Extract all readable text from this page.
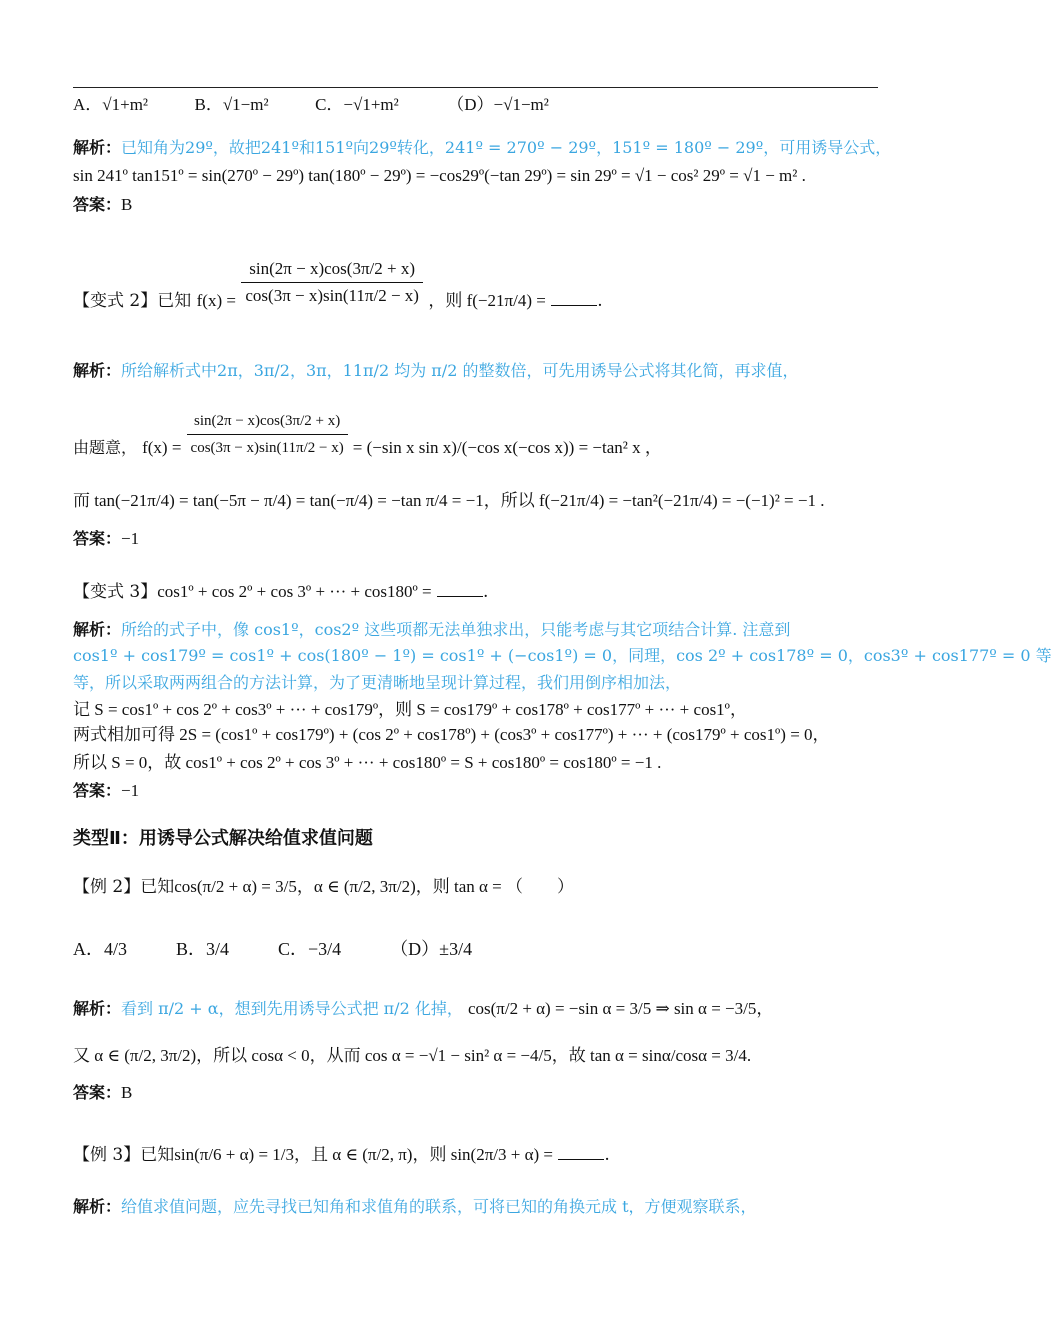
A．√1+m²	B．√1−m²	C．−√1+m²	（D）−√1−m²
解析：已知角为29º，故把241º和151º向29º转化，241º = 270º − 29º，151º = 180º − 29º，可用诱导公式，
sin 241º tan151º = sin(270º − 29º) tan(180º − 29º) = −cos29º(−tan 29º) = sin 29º = √1 − cos² 29º = √1 − m² .
答案：B
【变式 2】已知 $f(x) = \frac{\sin(2\pi - x)\cos(3\pi/2 + x)}{\cos(3\pi - x)\sin(11\pi/2 - x)}$ ，则 f(−21π/4) =	.
解析：所给解析式中2π，3π/2，3π，11π/2 均为 π/2 的整数倍，可先用诱导公式将其化简，再求值，
由题意， $f(x) = \frac{\sin(2\pi - x)\cos(3\pi/2 + x)}{\cos(3\pi - x)\sin(11\pi/2 - x)} = (-\sin$ x sin x)/(−cos x(−cos x)) = −tan² x ，
而 tan(−21π/4) = tan(−5π − π/4) = tan(−π/4) = −tan π/4 = −1，所以 f(−21π/4) = −tan²(−21π/4) = −(−1)² = −1 .
答案：−1
【变式 3】cos1º + cos 2º + cos 3º + ··· + cos180º =	.
解析：所给的式子中，像 cos1º，cos2º 这些项都无法单独求出，只能考虑与其它项结合计算. 注意到
cos1º + cos179º = cos1º + cos(180º − 1º) = cos1º + (−cos1º) = 0，同理，cos 2º + cos178º = 0，cos3º + cos177º = 0 等
等，所以采取两两组合的方法计算，为了更清晰地呈现计算过程，我们用倒序相加法，
记 S = cos1º + cos 2º + cos3º + ··· + cos179º，则 S = cos179º + cos178º + cos177º + ··· + cos1º，
两式相加可得 2S = (cos1º + cos179º) + (cos 2º + cos178º) + (cos3º + cos177º) + ··· + (cos179º + cos1º) = 0，
所以 S = 0，故 cos1º + cos 2º + cos 3º + ··· + cos180º = S + cos180º = cos180º = −1 .
答案：−1
类型Ⅱ：用诱导公式解决给值求值问题
【例 2】已知cos(π/2 + α) = 3/5，α ∈ (π/2, 3π/2)，则 tan α = （　　）
A．4/3	B．3/4	C．−3/4	（D）±3/4
解析：看到 π/2 + α，想到先用诱导公式把 π/2 化掉， cos(π/2 + α) = −sin α = 3/5 ⇒ sin α = −3/5，
又 α ∈ (π/2, 3π/2)，所以 cosα < 0，从而 cos α = −√1 − sin² α = −4/5，故 tan α = sinα/cosα = 3/4.
答案：B
【例 3】已知sin(π/6 + α) = 1/3，且 α ∈ (π/2, π)，则 sin(2π/3 + α) =	.
解析：给值求值问题，应先寻找已知角和求值角的联系，可将已知的角换元成 t，方便观察联系，
